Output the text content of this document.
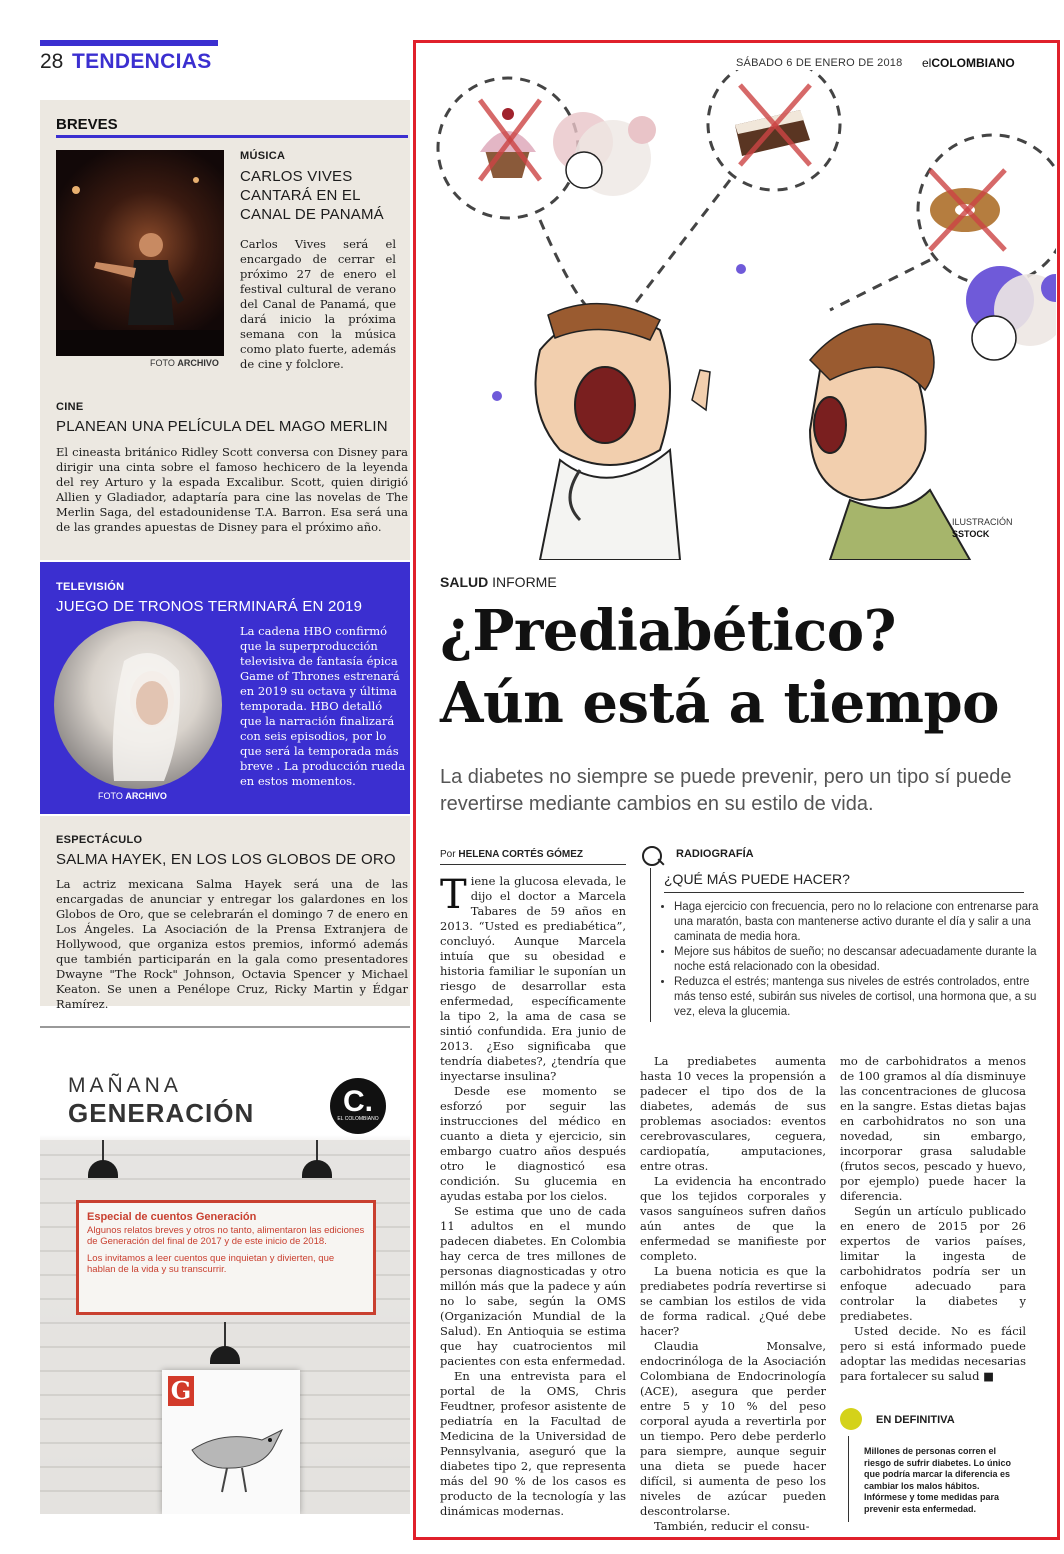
28 TENDENCIAS
BREVES
FOTO ARCHIVO
MÚSICA
CARLOS VIVES CANTARÁ EN EL CANAL DE PANAMÁ
Carlos Vives será el encargado de cerrar el próximo 27 de enero el festival cultural de verano del Canal de Panamá, que dará inicio la próxima semana con la música como plato fuerte, además de cine y folclore.
CINE
PLANEAN UNA PELÍCULA DEL MAGO MERLIN
El cineasta británico Ridley Scott conversa con Disney para dirigir una cinta sobre el famoso hechicero de la leyenda del rey Arturo y la espada Excalibur. Scott, quien dirigió Allien y Gladiador, adaptaría para cine las novelas de The Merlin Saga, del estadounidense T.A. Barron. Esa será una de las grandes apuestas de Disney para el próximo año.
TELEVISIÓN
JUEGO DE TRONOS TERMINARÁ EN 2019
FOTO ARCHIVO
La cadena HBO confirmó que la superproducción televisiva de fantasía épica Game of Thrones estrenará en 2019 su octava y última temporada. HBO detalló que la narración finalizará con seis episodios, por lo que será la temporada más breve . La producción rueda en estos momentos.
ESPECTÁCULO
SALMA HAYEK, EN LOS LOS GLOBOS DE ORO
La actriz mexicana Salma Hayek será una de las encargadas de anunciar y entregar los galardones en los Globos de Oro, que se celebrarán el domingo 7 de enero en Los Ángeles. La Asociación de la Prensa Extranjera de Hollywood, que organiza estos premios, informó además que también participarán en la gala como presentadores Dwayne "The Rock" Johnson, Octavia Spencer y Michael Keaton. Se unen a Penélope Cruz, Ricky Martin y Édgar Ramírez.
MAÑANA
GENERACIÓN	C.
EL COLOMBIANO
Especial de cuentos Generación
Algunos relatos breves y otros no tanto, alimentaron las ediciones de Generación del final de 2017 y de este inicio de 2018.
Los invitamos a leer cuentos que inquietan y divierten, que hablan de la vida y su transcurrir.
G
SÁBADO 6 DE ENERO DE 2018 elCOLOMBIANO
ILUSTRACIÓN
SSTOCK
SALUD INFORME
¿Prediabético?
Aún está a tiempo
La diabetes no siempre se puede prevenir, pero un tipo sí puede revertirse mediante cambios en su estilo de vida.
Por HELENA CORTÉS GÓMEZ
T iene la glucosa elevada, le dijo el doctor a Marcela Tabares de 59 años en 2013. “Usted es prediabética”, concluyó. Aunque Marcela intuía que su obesidad e historia familiar le suponían un riesgo de desarrollar esta enfermedad, específicamente la tipo 2, la ama de casa se sintió confundida. Era junio de 2013. ¿Eso significaba que tendría diabetes?, ¿tendría que inyectarse insulina?

Desde ese momento se esforzó por seguir las instrucciones del médico en cuanto a dieta y ejercicio, sin embargo cuatro años después otro le diagnosticó esa condición. Su glucemia en ayudas estaba por los cielos.

Se estima que uno de cada 11 adultos en el mundo padecen diabetes. En Colombia hay cerca de tres millones de personas diagnosticadas y otro millón más que la padece y aún no lo sabe, según la OMS (Organización Mundial de la Salud). En Antioquia se estima que hay cuatrocientos mil pacientes con esta enfermedad.

En una entrevista para el portal de la OMS, Chris Feudtner, profesor asistente de pediatría en la Facultad de Medicina de la Universidad de Pennsylvania, aseguró que la diabetes tipo 2, que representa más del 90 % de los casos es producto de la tecnología y las dinámicas modernas.

RADIOGRAFÍA
¿QUÉ MÁS PUEDE HACER?
• Haga ejercicio con frecuencia, pero no lo relacione con entrenarse para una maratón, basta con mantenerse activo durante el día y salir a una caminata de media hora.
• Mejore sus hábitos de sueño; no descansar adecuadamente durante la noche está relacionado con la obesidad.
• Reduzca el estrés; mantenga sus niveles de estrés controlados, entre más tenso esté, subirán sus niveles de cortisol, una hormona que, a su vez, eleva la glucemia.

La prediabetes aumenta hasta 10 veces la propensión a padecer el tipo dos de la diabetes, además de sus problemas asociados: eventos cerebrovasculares, ceguera, cardiopatía, amputaciones, entre otras.

La evidencia ha encontrado que los tejidos corporales y vasos sanguíneos sufren daños aún antes de que la enfermedad se manifieste por completo.

La buena noticia es que la prediabetes podría revertirse si se cambian los estilos de vida de forma radical. ¿Qué debe hacer?

Claudia Monsalve, endocrinóloga de la Asociación Colombiana de Endocrinología (ACE), asegura que perder entre 5 y 10 % del peso corporal ayuda a revertirla por un tiempo. Pero debe perderlo para siempre, aunque seguir una dieta se puede hacer difícil, si aumenta de peso los niveles de azúcar pueden descontrolarse.

También, reducir el consu-

mo de carbohidratos a menos de 100 gramos al día disminuye las concentraciones de glucosa en la sangre. Estas dietas bajas en carbohidratos no son una novedad, sin embargo, incorporar grasa saludable (frutos secos, pescado y huevo, por ejemplo) puede hacer la diferencia.

Según un artículo publicado en enero de 2015 por 26 expertos de varios países, limitar la ingesta de carbohidratos podría ser un enfoque adecuado para controlar la diabetes y prediabetes.

Usted decide. No es fácil pero si está informado puede adoptar las medidas necesarias para fortalecer su salud ■

EN DEFINITIVA
Millones de personas corren el riesgo de sufrir diabetes. Lo único que podría marcar la diferencia es cambiar los malos hábitos. Infórmese y tome medidas para prevenir esta enfermedad.
